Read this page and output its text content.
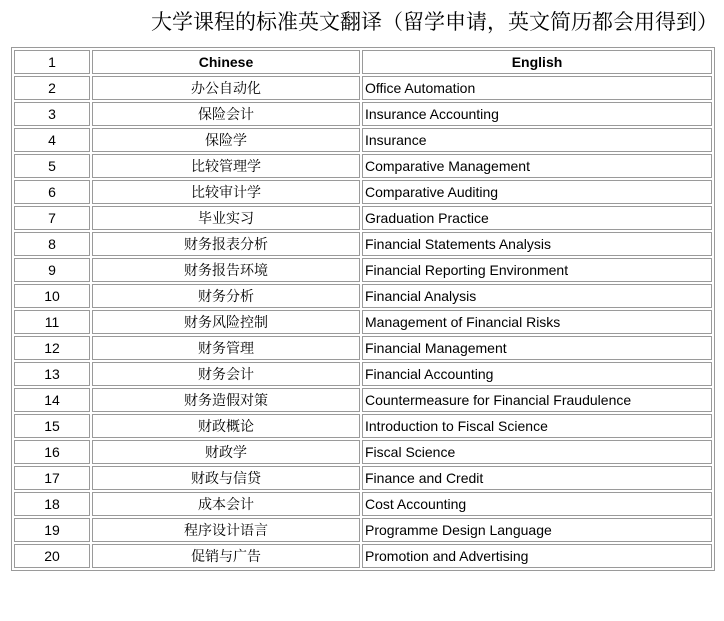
大学课程的标准英文翻译（留学申请，英文简历都会用得到）
1	Chinese	English
2	办公自动化	Office Automation
3	保险会计	Insurance Accounting
4	保险学	Insurance
5	比较管理学	Comparative Management
6	比较审计学	Comparative Auditing
7	毕业实习	Graduation Practice
8	财务报表分析	Financial Statements Analysis
9	财务报告环境	Financial Reporting Environment
10	财务分析	Financial Analysis
11	财务风险控制	Management of Financial Risks
12	财务管理	Financial Management
13	财务会计	Financial Accounting
14	财务造假对策	Countermeasure for Financial Fraudulence
15	财政概论	Introduction to Fiscal Science
16	财政学	Fiscal Science
17	财政与信贷	Finance and Credit
18	成本会计	Cost Accounting
19	程序设计语言	Programme Design Language
20	促销与广告	Promotion and Advertising
